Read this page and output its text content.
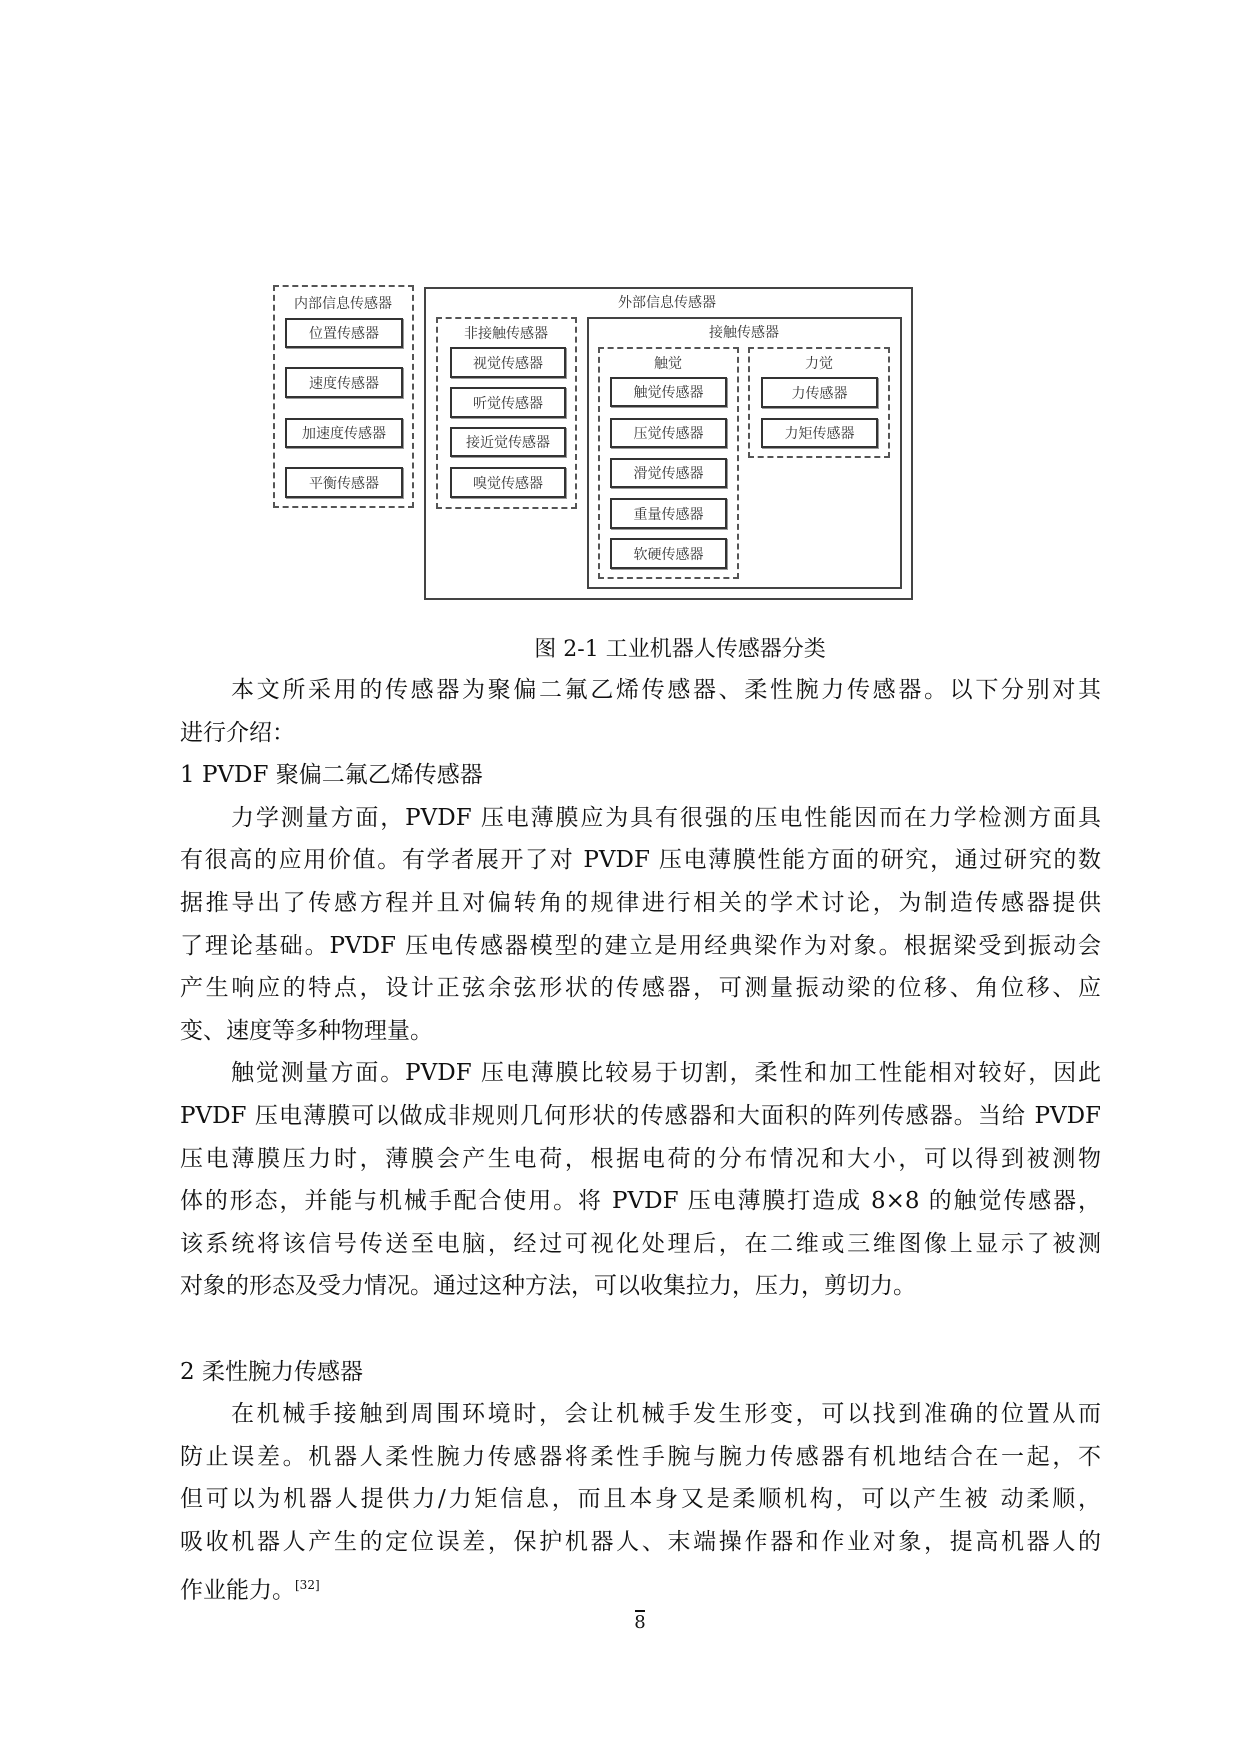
内部信息传感器
位置传感器
速度传感器
加速度传感器
平衡传感器
外部信息传感器
非接触传感器
视觉传感器
听觉传感器
接近觉传感器
嗅觉传感器
接触传感器
触觉
触觉传感器
压觉传感器
滑觉传感器
重量传感器
软硬传感器
力觉
力传感器
力矩传感器
图 2-1 工业机器人传感器分类
本文所采用的传感器为聚偏二氟乙烯传感器、柔性腕力传感器。以下分别对其
进行介绍：
1 PVDF 聚偏二氟乙烯传感器
力学测量方面，PVDF 压电薄膜应为具有很强的压电性能因而在力学检测方面具
有很高的应用价值。有学者展开了对 PVDF 压电薄膜性能方面的研究，通过研究的数
据推导出了传感方程并且对偏转角的规律进行相关的学术讨论，为制造传感器提供
了理论基础。PVDF 压电传感器模型的建立是用经典梁作为对象。根据梁受到振动会
产生响应的特点，设计正弦余弦形状的传感器，可测量振动梁的位移、角位移、应
变、速度等多种物理量。
触觉测量方面。PVDF 压电薄膜比较易于切割，柔性和加工性能相对较好，因此
PVDF 压电薄膜可以做成非规则几何形状的传感器和大面积的阵列传感器。当给 PVDF
压电薄膜压力时，薄膜会产生电荷，根据电荷的分布情况和大小，可以得到被测物
体的形态，并能与机械手配合使用。将 PVDF 压电薄膜打造成 8×8 的触觉传感器，
该系统将该信号传送至电脑，经过可视化处理后，在二维或三维图像上显示了被测
对象的形态及受力情况。通过这种方法，可以收集拉力，压力，剪切力。
2 柔性腕力传感器
在机械手接触到周围环境时，会让机械手发生形变，可以找到准确的位置从而
防止误差。机器人柔性腕力传感器将柔性手腕与腕力传感器有机地结合在一起，不
但可以为机器人提供力/力矩信息，而且本身又是柔顺机构，可以产生被 动柔顺，
吸收机器人产生的定位误差，保护机器人、末端操作器和作业对象，提高机器人的
作业能力。[32]
8
